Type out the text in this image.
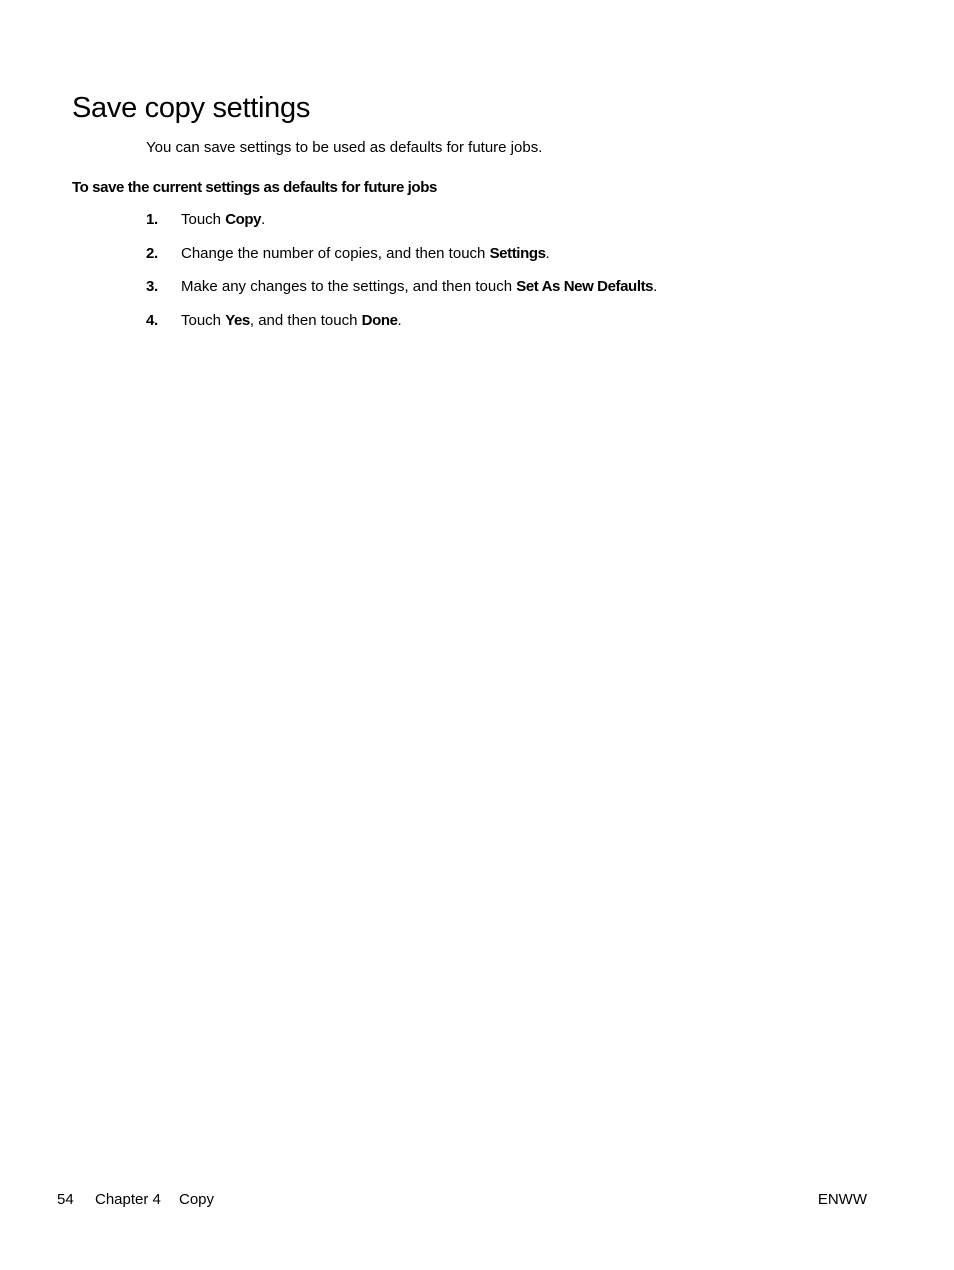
Save copy settings

You can save settings to be used as defaults for future jobs.

To save the current settings as defaults for future jobs
1. Touch Copy.
2. Change the number of copies, and then touch Settings.
3. Make any changes to the settings, and then touch Set As New Defaults.
4. Touch Yes, and then touch Done.
54 Chapter 4 Copy	ENWW
